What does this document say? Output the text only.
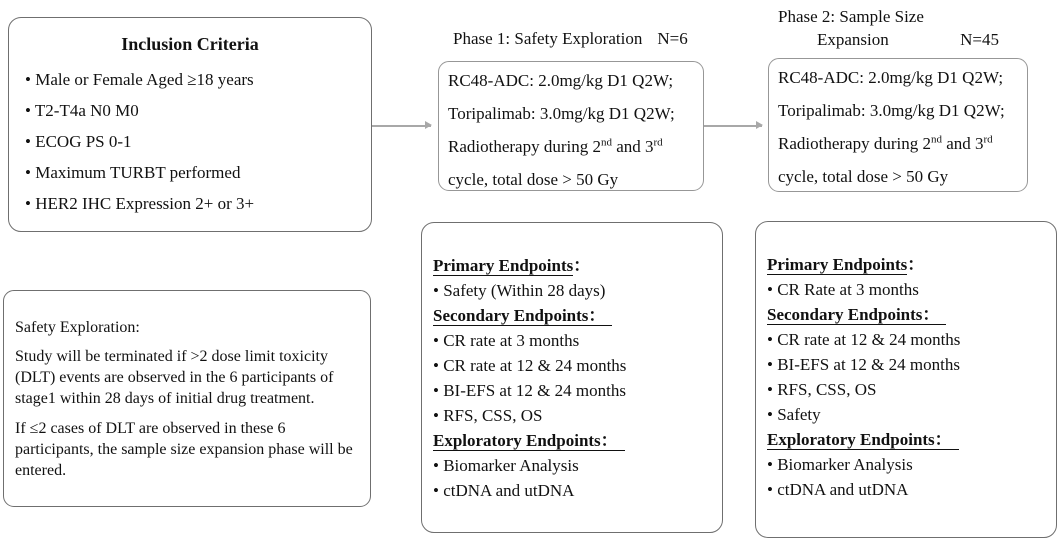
Inclusion Criteria
• Male or Female Aged ≥18 years
• T2-T4a N0 M0
• ECOG PS 0-1
• Maximum TURBT performed
• HER2 IHC Expression 2+ or 3+
Safety Exploration:

Study will be terminated if >2 dose limit toxicity (DLT) events are observed in the 6 participants of stage1 within 28 days of initial drug treatment.

If ≤2 cases of DLT are observed in these 6 participants, the sample size expansion phase will be entered.

Phase 1: Safety Exploration N=6
Phase 2: Sample Size
Expansion	N=45
RC48-ADC: 2.0mg/kg D1 Q2W;
Toripalimab: 3.0mg/kg D1 Q2W;
Radiotherapy during 2nd and 3rd
cycle, total dose > 50 Gy
RC48-ADC: 2.0mg/kg D1 Q2W;
Toripalimab: 3.0mg/kg D1 Q2W;
Radiotherapy during 2nd and 3rd
cycle, total dose > 50 Gy
Primary Endpoints：
• Safety (Within 28 days)
Secondary Endpoints：
• CR rate at 3 months
• CR rate at 12 & 24 months
• BI-EFS at 12 & 24 months
• RFS, CSS, OS
Exploratory Endpoints：
• Biomarker Analysis
• ctDNA and utDNA
Primary Endpoints：
• CR Rate at 3 months
Secondary Endpoints：
• CR rate at 12 & 24 months
• BI-EFS at 12 & 24 months
• RFS, CSS, OS
• Safety
Exploratory Endpoints：
• Biomarker Analysis
• ctDNA and utDNA
